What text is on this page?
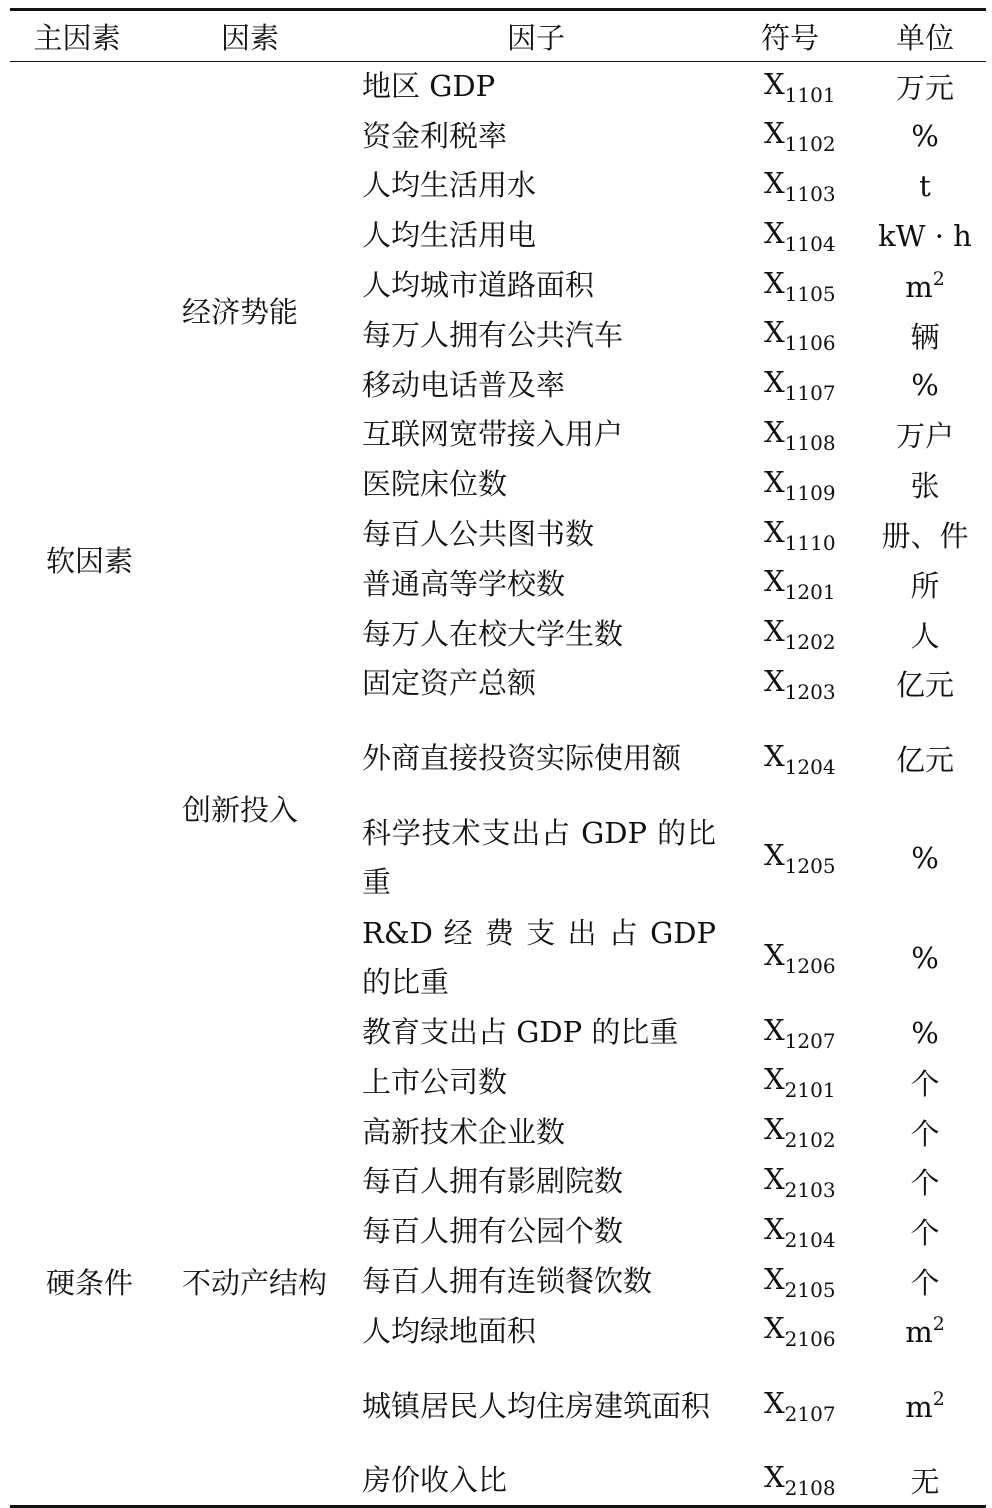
主因素	因素	因子	符号	单位
软因素	经济势能	地区 GDP	$X_{1101}$	万元
		资金利税率	$X_{1102}$	%
		人均生活用水	$X_{1103}$	t
		人均生活用电	$X_{1104}$	kW · h
		人均城市道路面积	$X_{1105}$	$m^2$
		每万人拥有公共汽车	$X_{1106}$	辆
		移动电话普及率	$X_{1107}$	%
		互联网宽带接入用户	$X_{1108}$	万户
		医院床位数	$X_{1109}$	张
		每百人公共图书数	$X_{1110}$	册、件
	创新投入	普通高等学校数	$X_{1201}$	所
		每万人在校大学生数	$X_{1202}$	人
		固定资产总额	$X_{1203}$	亿元
		外商直接投资实际使用额	$X_{1204}$	亿元
		科学技术支出占 GDP 的比重	$X_{1205}$	%
		R&D 经 费 支 出 占 GDP 的比重	$X_{1206}$	%
		教育支出占 GDP 的比重	$X_{1207}$	%
硬条件	不动产结构	上市公司数	$X_{2101}$	个
		高新技术企业数	$X_{2102}$	个
		每百人拥有影剧院数	$X_{2103}$	个
		每百人拥有公园个数	$X_{2104}$	个
		每百人拥有连锁餐饮数	$X_{2105}$	个
		人均绿地面积	$X_{2106}$	$m^2$
		城镇居民人均住房建筑面积	$X_{2107}$	$m^2$
		房价收入比	$X_{2108}$	无
